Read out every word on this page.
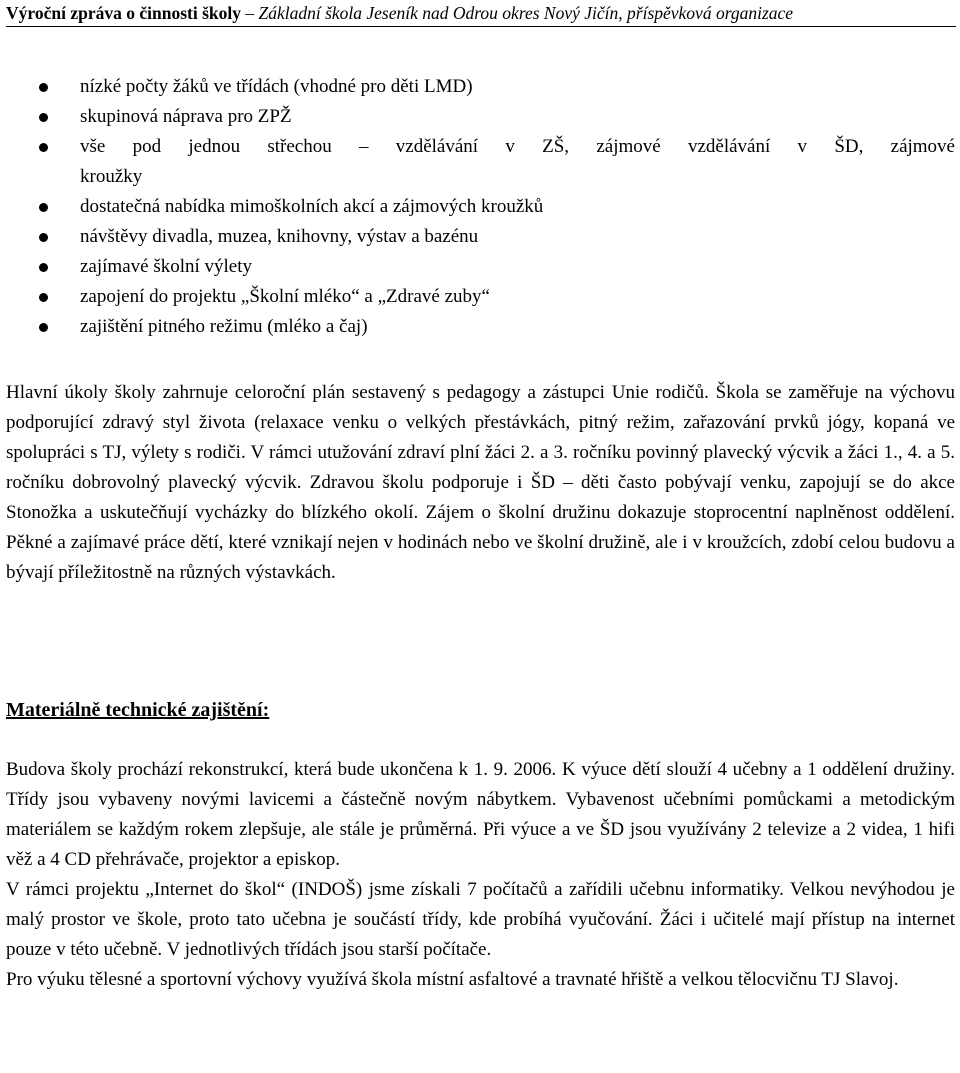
Výroční zpráva o činnosti školy – Základní škola Jeseník nad Odrou okres Nový Jičín, příspěvková organizace
nízké počty žáků ve třídách (vhodné pro děti LMD)
skupinová náprava pro ZPŽ
vše pod jednou střechou – vzdělávání v ZŠ, zájmové vzdělávání v ŠD, zájmové
kroužky
dostatečná nabídka mimoškolních akcí a zájmových kroužků
návštěvy divadla, muzea, knihovny, výstav a bazénu
zajímavé školní výlety
zapojení do projektu „Školní mléko“ a „Zdravé zuby“
zajištění pitného režimu (mléko a čaj)

Hlavní úkoly školy zahrnuje celoroční plán sestavený s pedagogy a zástupci Unie rodičů. Škola se zaměřuje na výchovu podporující zdravý styl života (relaxace venku o velkých přestávkách, pitný režim, zařazování prvků jógy, kopaná ve spolupráci s TJ, výlety s rodiči. V rámci utužování zdraví plní žáci 2. a 3. ročníku povinný plavecký výcvik a žáci 1., 4. a 5. ročníku dobrovolný plavecký výcvik. Zdravou školu podporuje i ŠD – děti často pobývají venku, zapojují se do akce Stonožka a uskutečňují vycházky do blízkého okolí. Zájem o školní družinu dokazuje stoprocentní naplněnost oddělení. Pěkné a zajímavé práce dětí, které vznikají nejen v hodinách nebo ve školní družině, ale i v kroužcích, zdobí celou budovu a bývají příležitostně na různých výstavkách.

Materiálně technické zajištění:

Budova školy prochází rekonstrukcí, která bude ukončena k 1. 9. 2006. K výuce dětí slouží 4 učebny a 1 oddělení družiny. Třídy jsou vybaveny novými lavicemi a částečně novým nábytkem. Vybavenost učebními pomůckami a metodickým materiálem se každým rokem zlepšuje, ale stále je průměrná. Při výuce a ve ŠD jsou využívány 2 televize a 2 videa, 1 hifi věž a 4 CD přehrávače, projektor a episkop.

V rámci projektu „Internet do škol“ (INDOŠ) jsme získali 7 počítačů a zařídili učebnu informatiky. Velkou nevýhodou je malý prostor ve škole, proto tato učebna je součástí třídy, kde probíhá vyučování. Žáci i učitelé mají přístup na internet pouze v této učebně. V jednotlivých třídách jsou starší počítače.

Pro výuku tělesné a sportovní výchovy využívá škola místní asfaltové a travnaté hřiště a velkou tělocvičnu TJ Slavoj.
